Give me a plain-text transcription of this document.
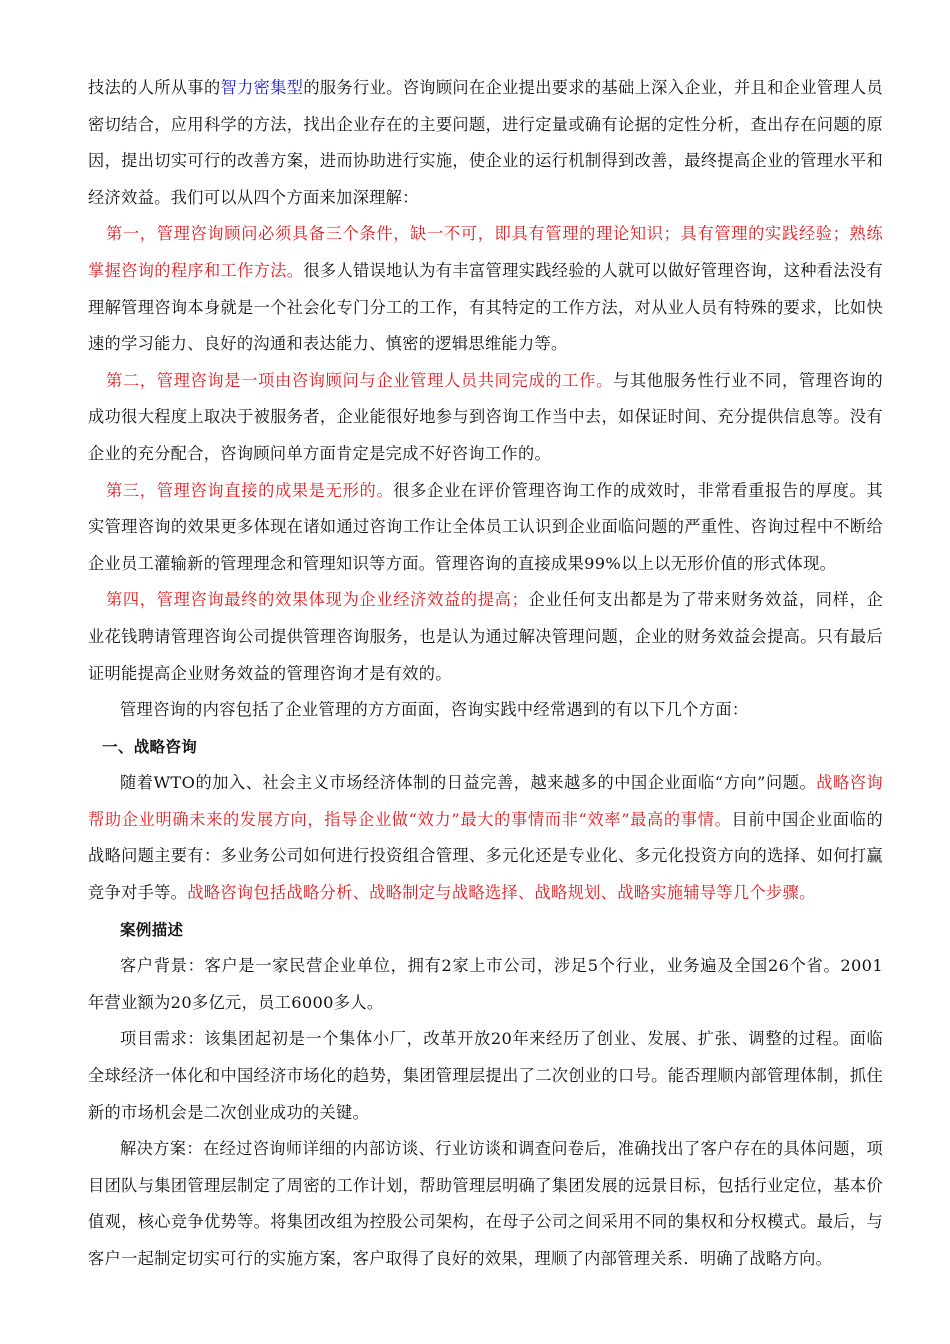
技法的人所从事的智力密集型的服务行业。咨询顾问在企业提出要求的基础上深入企业，并且和企业管理人员密切结合，应用科学的方法，找出企业存在的主要问题，进行定量或确有论据的定性分析，查出存在问题的原因，提出切实可行的改善方案，进而协助进行实施，使企业的运行机制得到改善，最终提高企业的管理水平和经济效益。我们可以从四个方面来加深理解：

第一，管理咨询顾问必须具备三个条件，缺一不可，即具有管理的理论知识；具有管理的实践经验；熟练掌握咨询的程序和工作方法。很多人错误地认为有丰富管理实践经验的人就可以做好管理咨询，这种看法没有理解管理咨询本身就是一个社会化专门分工的工作，有其特定的工作方法，对从业人员有特殊的要求，比如快速的学习能力、良好的沟通和表达能力、慎密的逻辑思维能力等。

第二，管理咨询是一项由咨询顾问与企业管理人员共同完成的工作。与其他服务性行业不同，管理咨询的成功很大程度上取决于被服务者，企业能很好地参与到咨询工作当中去，如保证时间、充分提供信息等。没有企业的充分配合，咨询顾问单方面肯定是完成不好咨询工作的。

第三，管理咨询直接的成果是无形的。很多企业在评价管理咨询工作的成效时，非常看重报告的厚度。其实管理咨询的效果更多体现在诸如通过咨询工作让全体员工认识到企业面临问题的严重性、咨询过程中不断给企业员工灌输新的管理理念和管理知识等方面。管理咨询的直接成果99%以上以无形价值的形式体现。

第四，管理咨询最终的效果体现为企业经济效益的提高；企业任何支出都是为了带来财务效益，同样，企业花钱聘请管理咨询公司提供管理咨询服务，也是认为通过解决管理问题，企业的财务效益会提高。只有最后证明能提高企业财务效益的管理咨询才是有效的。

管理咨询的内容包括了企业管理的方方面面，咨询实践中经常遇到的有以下几个方面：

一、战略咨询

随着WTO的加入、社会主义市场经济体制的日益完善，越来越多的中国企业面临“方向”问题。战略咨询帮助企业明确未来的发展方向，指导企业做“效力”最大的事情而非“效率”最高的事情。目前中国企业面临的战略问题主要有：多业务公司如何进行投资组合管理、多元化还是专业化、多元化投资方向的选择、如何打赢竞争对手等。战略咨询包括战略分析、战略制定与战略选择、战略规划、战略实施辅导等几个步骤。

案例描述

客户背景：客户是一家民营企业单位，拥有2家上市公司，涉足5个行业，业务遍及全国26个省。2001年营业额为20多亿元，员工6000多人。

项目需求：该集团起初是一个集体小厂，改革开放20年来经历了创业、发展、扩张、调整的过程。面临全球经济一体化和中国经济市场化的趋势，集团管理层提出了二次创业的口号。能否理顺内部管理体制，抓住新的市场机会是二次创业成功的关键。

解决方案：在经过咨询师详细的内部访谈、行业访谈和调查问卷后，准确找出了客户存在的具体问题，项目团队与集团管理层制定了周密的工作计划，帮助管理层明确了集团发展的远景目标，包括行业定位，基本价值观，核心竞争优势等。将集团改组为控股公司架构，在母子公司之间采用不同的集权和分权模式。最后，与客户一起制定切实可行的实施方案，客户取得了良好的效果，理顺了内部管理关系．明确了战略方向。
